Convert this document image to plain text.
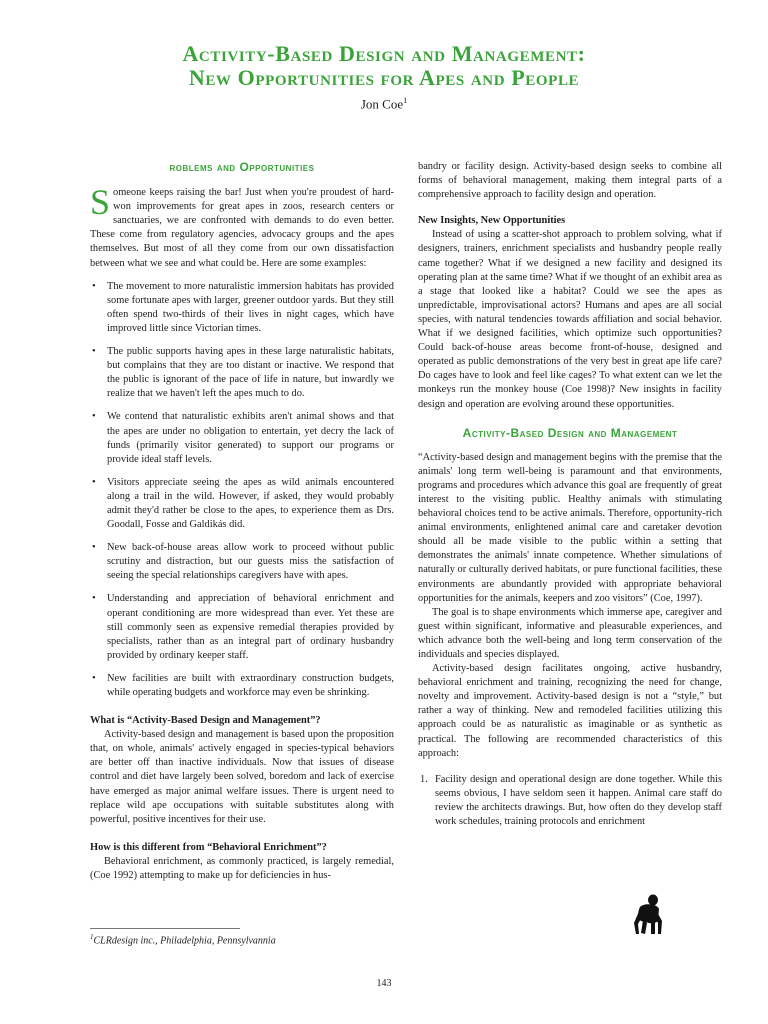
Activity-Based Design and Management:
New Opportunities for Apes and People
Jon Coe$^1$
roblems and Opportunities

Someone keeps raising the bar! Just when you're proudest of hard-won improvements for great apes in zoos, research centers or sanctuaries, we are confronted with demands to do even better. These come from regulatory agencies, advocacy groups and the apes themselves. But most of all they come from our own dissatisfaction between what we see and what could be. Here are some examples:

• The movement to more naturalistic immersion habitats has provided some fortunate apes with larger, greener outdoor yards. But they still often spend two-thirds of their lives in night cages, which have improved little since Victorian times.
• The public supports having apes in these large naturalistic habitats, but complains that they are too distant or inactive. We respond that the public is ignorant of the pace of life in nature, but inwardly we realize that we haven't left the apes much to do.
• We contend that naturalistic exhibits aren't animal shows and that the apes are under no obligation to entertain, yet decry the lack of funds (primarily visitor generated) to support our programs or provide ideal staff levels.
• Visitors appreciate seeing the apes as wild animals encountered along a trail in the wild. However, if asked, they would probably admit they'd rather be close to the apes, to experience them as Drs. Goodall, Fosse and Galdikás did.
• New back-of-house areas allow work to proceed without public scrutiny and distraction, but our guests miss the satisfaction of seeing the special relationships caregivers have with apes.
• Understanding and appreciation of behavioral enrichment and operant conditioning are more widespread than ever. Yet these are still commonly seen as expensive remedial therapies provided by specialists, rather than as an integral part of ordinary husbandry provided by ordinary keeper staff.
• New facilities are built with extraordinary construction budgets, while operating budgets and workforce may even be shrinking.

What is “Activity-Based Design and Management”?

Activity-based design and management is based upon the proposition that, on whole, animals' actively engaged in species-typical behaviors are better off than inactive individuals. Now that issues of disease control and diet have largely been solved, boredom and lack of exercise have emerged as major animal welfare issues. There is urgent need to replace wild ape occupations with suitable substitutes along with powerful, positive incentives for their use.

How is this different from “Behavioral Enrichment”?

Behavioral enrichment, as commonly practiced, is largely remedial, (Coe 1992) attempting to make up for deficiencies in hus-

bandry or facility design. Activity-based design seeks to combine all forms of behavioral management, making them integral parts of a comprehensive approach to facility design and operation.

New Insights, New Opportunities

Instead of using a scatter-shot approach to problem solving, what if designers, trainers, enrichment specialists and husbandry people really came together? What if we designed a new facility and designed its operating plan at the same time? What if we thought of an exhibit area as a stage that looked like a habitat? Could we see the apes as unpredictable, improvisational actors? Humans and apes are all social species, with natural tendencies towards affiliation and social behavior. What if we designed facilities, which optimize such opportunities? Could back-of-house areas become front-of-house, designed and operated as public demonstrations of the very best in great ape life care? Do cages have to look and feel like cages? To what extent can we let the monkeys run the monkey house (Coe 1998)? New insights in facility design and operation are evolving around these opportunities.

Activity-Based Design and Management

“Activity-based design and management begins with the premise that the animals' long term well-being is paramount and that environments, programs and procedures which advance this goal are frequently of great interest to the visiting public. Healthy animals with stimulating behavioral choices tend to be active animals. Therefore, opportunity-rich animal environments, enlightened animal care and caretaker devotion should all be made visible to the public within a setting that demonstrates the animals' innate competence. Whether simulations of naturally or culturally derived habitats, or pure functional facilities, these environments are abundantly provided with appropriate behavioral opportunities for the animals, keepers and zoo visitors” (Coe, 1997).

The goal is to shape environments which immerse ape, caregiver and guest within significant, informative and pleasurable experiences, and which advance both the well-being and long term conservation of the individuals and species displayed.

Activity-based design facilitates ongoing, active husbandry, behavioral enrichment and training, recognizing the need for change, novelty and improvement. Activity-based design is not a “style,” but rather a way of thinking. New and remodeled facilities utilizing this approach could be as naturalistic as imaginable or as synthetic as practical. The following are recommended characteristics of this approach:

1. Facility design and operational design are done together. While this seems obvious, I have seldom seen it happen. Animal care staff do review the architects drawings. But, how often do they develop staff work schedules, training protocols and enrichment
$^1$CLRdesign inc., Philadelphia, Pennsylvannia
143
